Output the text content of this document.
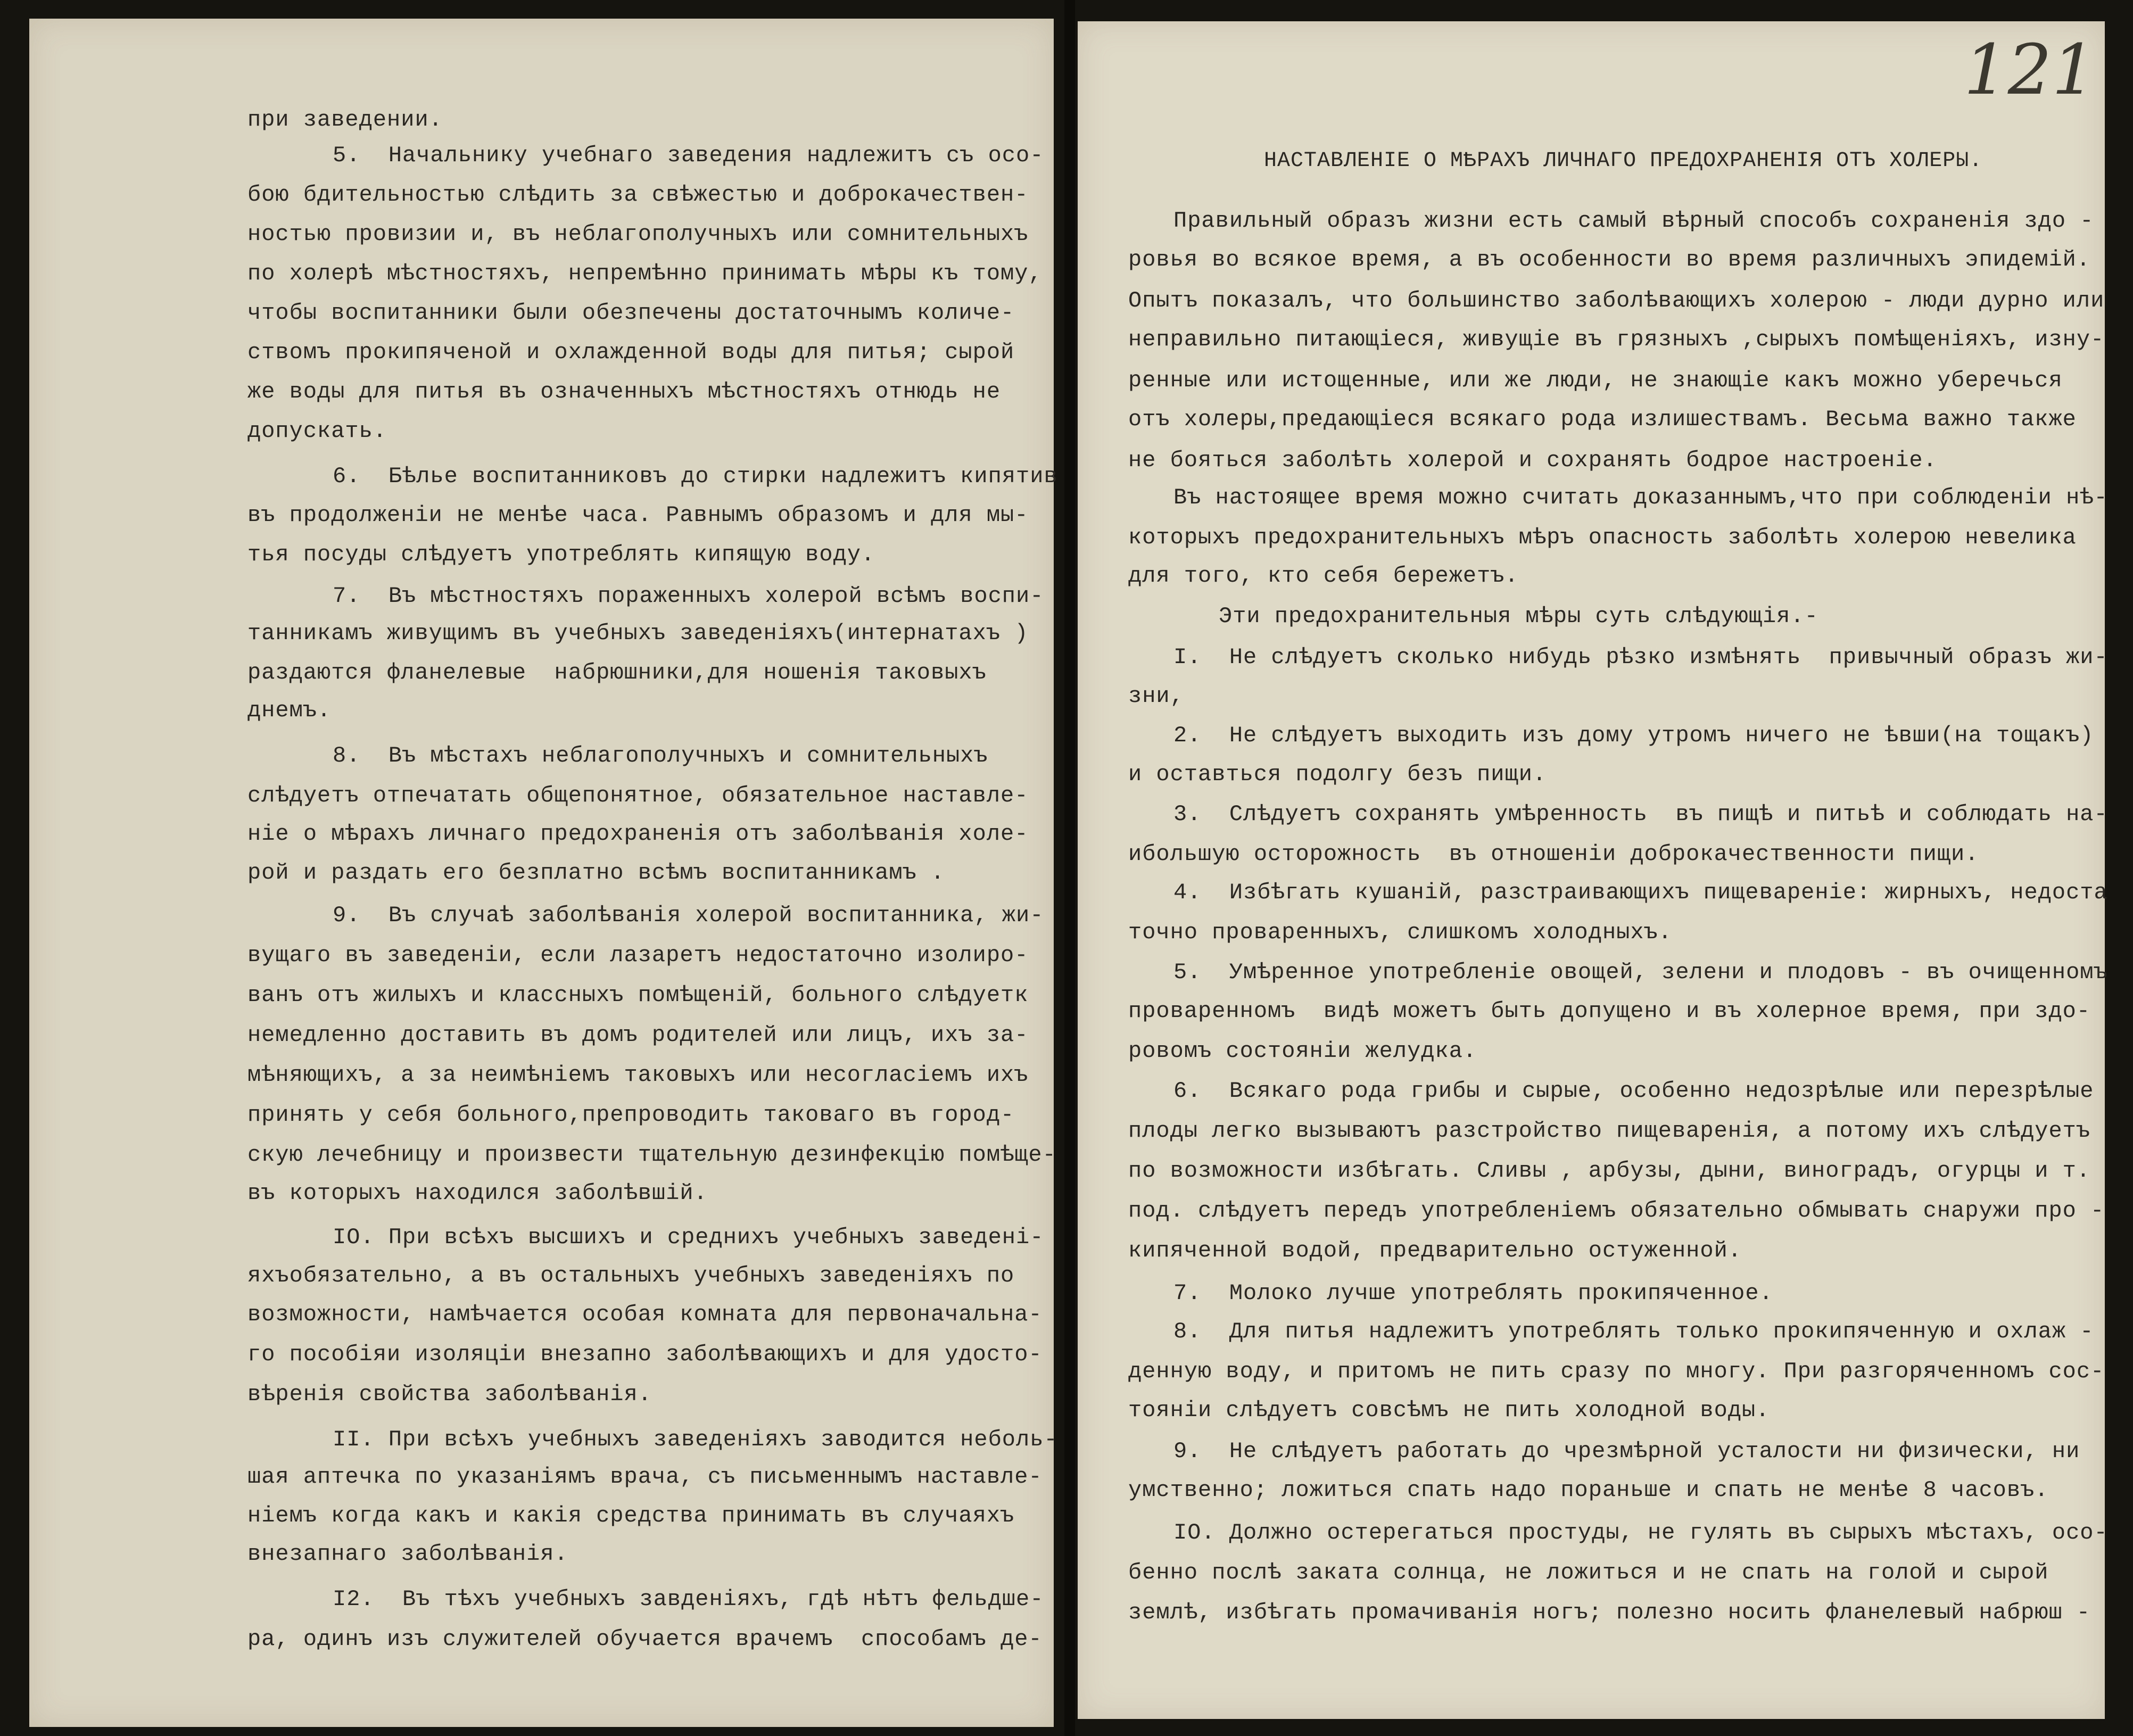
121
НАСТАВЛЕНIЕ О МѢРАХЪ ЛИЧНАГО ПРЕДОХРАНЕНIЯ ОТЪ ХОЛЕРЫ.
при заведении.
5.  Начальнику учебнаго заведения надлежитъ съ осо-
бою бдительностью слѣдить за свѣжестью и доброкачествен-
ностью провизии и, въ неблагополучныхъ или сомнительныхъ
по холерѣ мѣстностяхъ, непремѣнно принимать мѣры къ тому,
чтобы воспитанники были обезпечены достаточнымъ количе-
ствомъ прокипяченой и охлажденной воды для питья; сырой
же воды для питья въ означенныхъ мѣстностяхъ отнюдь не
допускать.
6.  Бѣлье воспитанниковъ до стирки надлежитъ кипятив
въ продолженiи не менѣе часа. Равнымъ образомъ и для мы-
тья посуды слѣдуетъ употреблять кипящую воду.
7.  Въ мѣстностяхъ пораженныхъ холерой всѣмъ воспи-
танникамъ живущимъ въ учебныхъ заведенiяхъ(интернатахъ )
раздаются фланелевые  набрюшники,для ношенiя таковыхъ
днемъ.
8.  Въ мѣстахъ неблагополучныхъ и сомнительныхъ
слѣдуетъ отпечатать общепонятное, обязательное наставле-
нiе о мѣрахъ личнаго предохраненiя отъ заболѣванiя холе-
рой и раздать его безплатно всѣмъ воспитанникамъ .
9.  Въ случаѣ заболѣванiя холерой воспитанника, жи-
вущаго въ заведенiи, если лазаретъ недостаточно изолиро-
ванъ отъ жилыхъ и классныхъ помѣщенiй, больного слѣдуетк
немедленно доставить въ домъ родителей или лицъ, ихъ за-
мѣняющихъ, а за неимѣнiемъ таковыхъ или несогласiемъ ихъ
принять у себя больного,препроводить таковаго въ город-
скую лечебницу и произвести тщательную дезинфекцiю помѣще-
въ которыхъ находился заболѣвшiй.
IO. При всѣхъ высшихъ и среднихъ учебныхъ заведенi-
яхъобязательно, а въ остальныхъ учебныхъ заведенiяхъ по
возможности, намѣчается особая комната для первоначальна-
го пособiяи изоляцiи внезапно заболѣвающихъ и для удосто-
вѣренiя свойства заболѣванiя.
II. При всѣхъ учебныхъ заведенiяхъ заводится неболь-
шая аптечка по указанiямъ врача, съ письменнымъ наставле-
нiемъ когда какъ и какiя средства принимать въ случаяхъ
внезапнаго заболѣванiя.
I2.  Въ тѣхъ учебныхъ завденiяхъ, гдѣ нѣтъ фельдше-
ра, одинъ изъ служителей обучается врачемъ  способамъ де-
Правильный образъ жизни есть самый вѣрный способъ сохраненiя здо -
ровья во всякое время, а въ особенности во время различныхъ эпидемiй.
Опытъ показалъ, что большинство заболѣвающихъ холерою - люди дурно или
неправильно питающiеся, живущiе въ грязныхъ ,сырыхъ помѣщенiяхъ, изну-
ренные или истощенные, или же люди, не знающiе какъ можно уберечься
отъ холеры,предающiеся всякаго рода излишествамъ. Весьма важно также
не бояться заболѣть холерой и сохранять бодрое настроенiе.
Въ настоящее время можно считать доказаннымъ,что при соблюденiи нѣ-
которыхъ предохранительныхъ мѣръ опасность заболѣть холерою невелика
для того, кто себя бережетъ.
Эти предохранительныя мѣры суть слѣдующiя.-
I.  Не слѣдуетъ сколько нибудь рѣзко измѣнять  привычный образъ жи-
зни,
2.  Не слѣдуетъ выходить изъ дому утромъ ничего не ѣвши(на тощакъ)
и оставться подолгу безъ пищи.
3.  Слѣдуетъ сохранять умѣренность  въ пищѣ и питьѣ и соблюдать на-
ибольшую осторожность  въ отношенiи доброкачественности пищи.
4.  Избѣгать кушанiй, разстраивающихъ пищеваренiе: жирныхъ, недоста
точно проваренныхъ, слишкомъ холодныхъ.
5.  Умѣренное употребленiе овощей, зелени и плодовъ - въ очищенномъ
проваренномъ  видѣ можетъ быть допущено и въ холерное время, при здо-
ровомъ состоянiи желудка.
6.  Всякаго рода грибы и сырые, особенно недозрѣлые или перезрѣлые
плоды легко вызываютъ разстройство пищеваренiя, а потому ихъ слѣдуетъ
по возможности избѣгать. Сливы , арбузы, дыни, виноградъ, огурцы и т.
под. слѣдуетъ передъ употребленiемъ обязательно обмывать снаружи про -
кипяченной водой, предварительно остуженной.
7.  Молоко лучше употреблять прокипяченное.
8.  Для питья надлежитъ употреблять только прокипяченную и охлаж -
денную воду, и притомъ не пить сразу по многу. При разгоряченномъ сос-
тоянiи слѣдуетъ совсѣмъ не пить холодной воды.
9.  Не слѣдуетъ работать до чрезмѣрной усталости ни физически, ни
умственно; ложиться спать надо пораньше и спать не менѣе 8 часовъ.
IO. Должно остерегаться простуды, не гулять въ сырыхъ мѣстахъ, осо-
бенно послѣ заката солнца, не ложиться и не спать на голой и сырой
землѣ, избѣгать промачиванiя ногъ; полезно носить фланелевый набрюш -
